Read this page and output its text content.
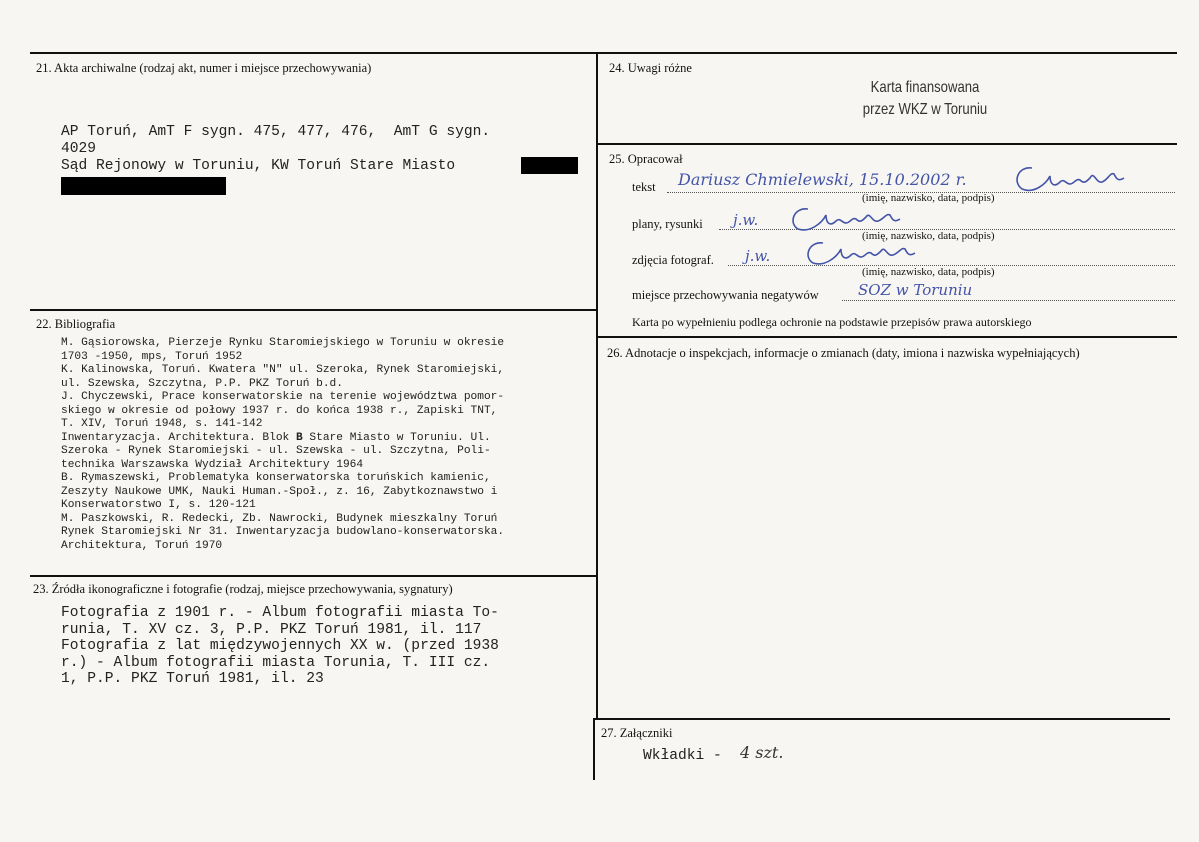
21. Akta archiwalne (rodzaj akt, numer i miejsce przechowywania)
AP Toruń, AmT F sygn. 475, 477, 476,  AmT G sygn.
4029
Sąd Rejonowy w Toruniu, KW Toruń Stare Miasto
22. Bibliografia
M. Gąsiorowska, Pierzeje Rynku Staromiejskiego w Toruniu w okresie
1703 -1950, mps, Toruń 1952
K. Kalinowska, Toruń. Kwatera "N" ul. Szeroka, Rynek Staromiejski,
ul. Szewska, Szczytna, P.P. PKZ Toruń b.d.
J. Chyczewski, Prace konserwatorskie na terenie województwa pomor-
skiego w okresie od połowy 1937 r. do końca 1938 r., Zapiski TNT,
T. XIV, Toruń 1948, s. 141-142
Inwentaryzacja. Architektura. Blok B Stare Miasto w Toruniu. Ul.
Szeroka - Rynek Staromiejski - ul. Szewska - ul. Szczytna, Poli-
technika Warszawska Wydział Architektury 1964
B. Rymaszewski, Problematyka konserwatorska toruńskich kamienic,
Zeszyty Naukowe UMK, Nauki Human.-Społ., z. 16, Zabytkoznawstwo i
Konserwatorstwo I, s. 120-121
M. Paszkowski, R. Redecki, Zb. Nawrocki, Budynek mieszkalny Toruń
Rynek Staromiejski Nr 31. Inwentaryzacja budowlano-konserwatorska.
Architektura, Toruń 1970
23. Źródła ikonograficzne i fotografie (rodzaj, miejsce przechowywania, sygnatury)
Fotografia z 1901 r. - Album fotografii miasta To-
runia, T. XV cz. 3, P.P. PKZ Toruń 1981, il. 117
Fotografia z lat międzywojennych XX w. (przed 1938
r.) - Album fotografii miasta Torunia, T. III cz.
1, P.P. PKZ Toruń 1981, il. 23
24. Uwagi różne
Karta finansowana
przez WKZ w Toruniu
25. Opracował
tekst Dariusz Chmielewski, 15.10.2002 r.
(imię, nazwisko, data, podpis)
plany, rysunki j.w.
(imię, nazwisko, data, podpis)
zdjęcia fotograf. j.w.
(imię, nazwisko, data, podpis)
miejsce przechowywania negatywów	SOZ w Toruniu
Karta po wypełnieniu podlega ochronie na podstawie przepisów prawa autorskiego
26. Adnotacje o inspekcjach, informacje o zmianach (daty, imiona i nazwiska wypełniających)
27. Załączniki
Wkładki - 4 szt.
